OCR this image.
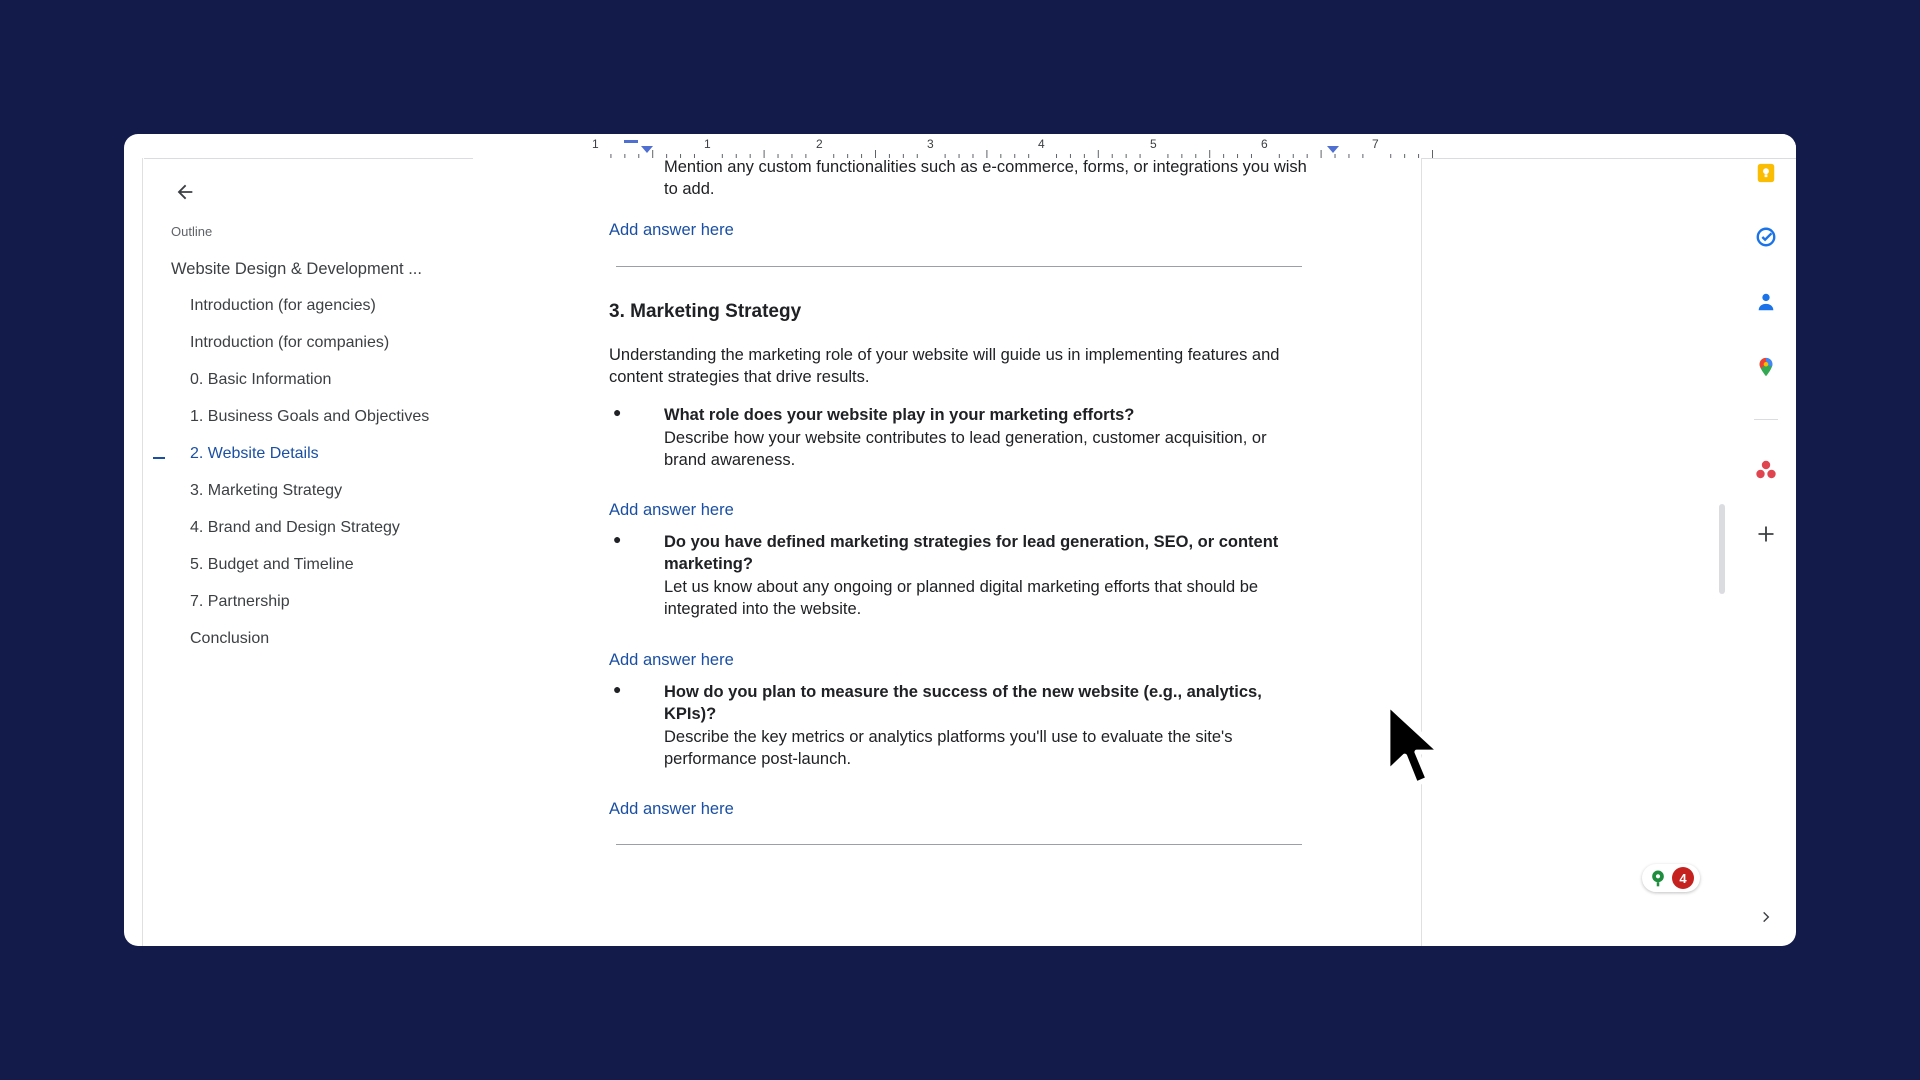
1	1	2	3	4	5	6	7
Outline
Website Design & Development ...
Introduction (for agencies)
Introduction (for companies)
0. Basic Information
1. Business Goals and Objectives
2. Website Details
3. Marketing Strategy
4. Brand and Design Strategy
5. Budget and Timeline
7. Partnership
Conclusion
Mention any custom functionalities such as e-commerce, forms, or integrations you wish
to add.
Add answer here
3. Marketing Strategy
Understanding the marketing role of your website will guide us in implementing features and
content strategies that drive results.
●	What role does your website play in your marketing efforts?
Describe how your website contributes to lead generation, customer acquisition, or
brand awareness.
Add answer here
●	Do you have defined marketing strategies for lead generation, SEO, or content
marketing?
Let us know about any ongoing or planned digital marketing efforts that should be
integrated into the website.
Add answer here
●	How do you plan to measure the success of the new website (e.g., analytics,
KPIs)?
Describe the key metrics or analytics platforms you'll use to evaluate the site's
performance post-launch.
Add answer here
4
